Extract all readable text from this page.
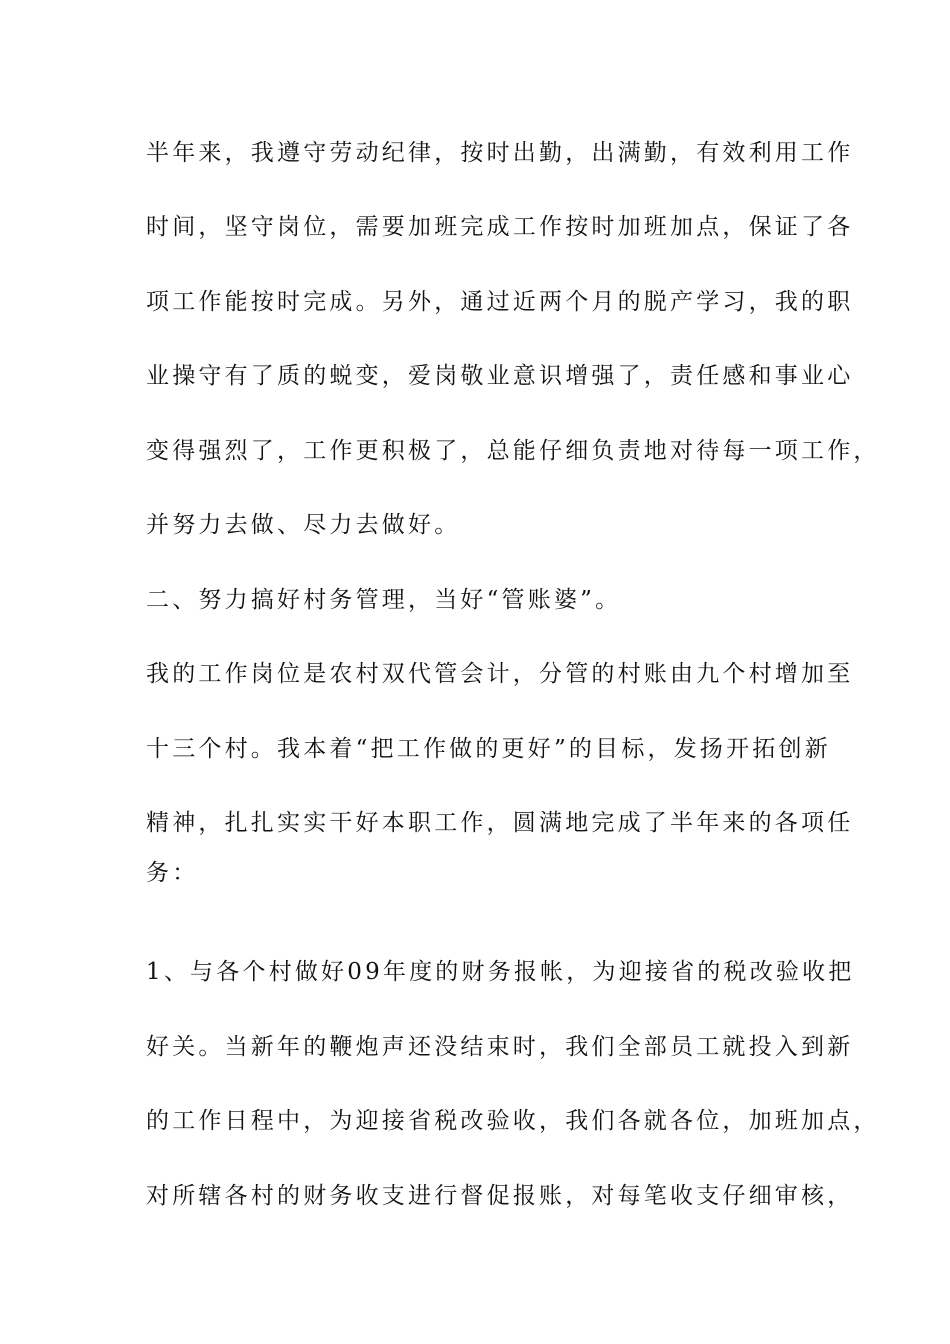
半年来，我遵守劳动纪律，按时出勤，出满勤，有效利用工作
时间，坚守岗位，需要加班完成工作按时加班加点，保证了各
项工作能按时完成。另外，通过近两个月的脱产学习，我的职
业操守有了质的蜕变，爱岗敬业意识增强了，责任感和事业心
变得强烈了，工作更积极了，总能仔细负责地对待每一项工作，
并努力去做、尽力去做好。
二、努力搞好村务管理，当好“管账婆”。
我的工作岗位是农村双代管会计，分管的村账由九个村增加至
十三个村。我本着“把工作做的更好”的目标，发扬开拓创新
精神，扎扎实实干好本职工作，圆满地完成了半年来的各项任
务：
1、与各个村做好09年度的财务报帐，为迎接省的税改验收把
好关。当新年的鞭炮声还没结束时，我们全部员工就投入到新
的工作日程中，为迎接省税改验收，我们各就各位，加班加点，
对所辖各村的财务收支进行督促报账，对每笔收支仔细审核，
